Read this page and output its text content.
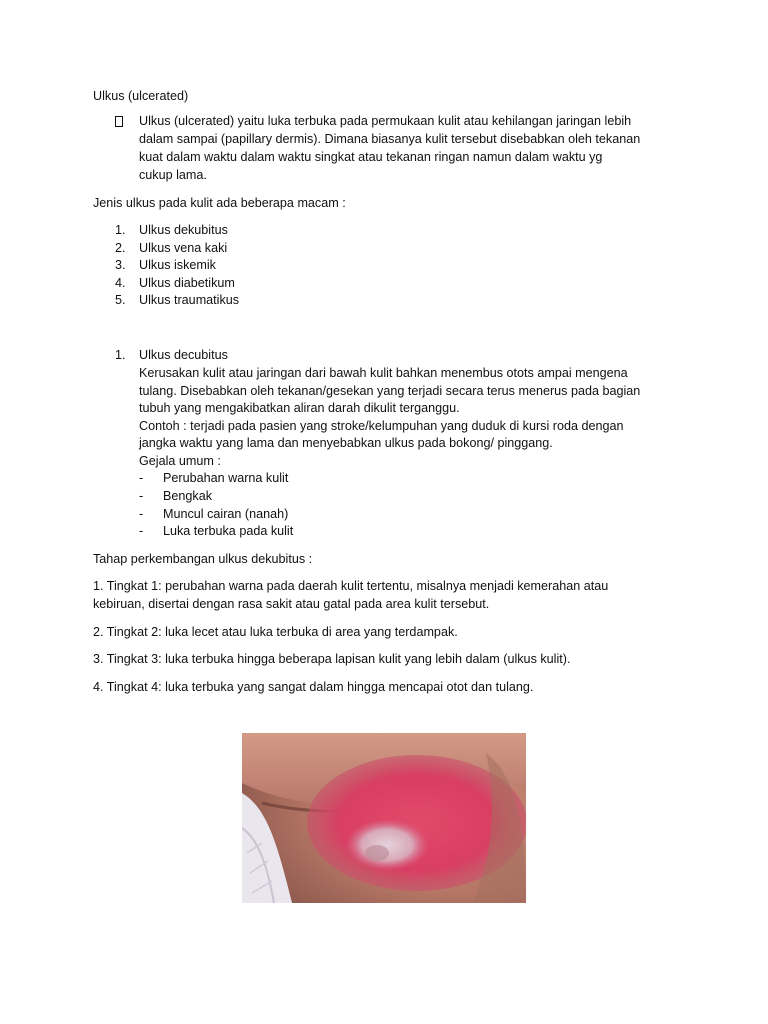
Ulkus (ulcerated)
Ulkus (ulcerated) yaitu luka terbuka pada permukaan kulit atau kehilangan jaringan lebih
dalam sampai (papillary dermis). Dimana biasanya kulit tersebut disebabkan oleh tekanan
kuat dalam waktu dalam waktu singkat atau tekanan ringan namun dalam waktu yg
cukup lama.
Jenis ulkus pada kulit ada beberapa macam :
1. Ulkus dekubitus
2. Ulkus vena kaki
3. Ulkus iskemik
4. Ulkus diabetikum
5. Ulkus traumatikus
1. Ulkus decubitus
Kerusakan kulit atau jaringan dari bawah kulit bahkan menembus otots ampai mengena
tulang. Disebabkan oleh tekanan/gesekan yang terjadi secara terus menerus pada bagian
tubuh yang mengakibatkan aliran darah dikulit terganggu.
Contoh : terjadi pada pasien yang stroke/kelumpuhan yang duduk di kursi roda dengan
jangka waktu yang lama dan menyebabkan ulkus pada bokong/ pinggang.
Gejala umum :
- Perubahan warna kulit
- Bengkak
- Muncul cairan (nanah)
- Luka terbuka pada kulit
Tahap perkembangan ulkus dekubitus :
1. Tingkat 1: perubahan warna pada daerah kulit tertentu, misalnya menjadi kemerahan atau
kebiruan, disertai dengan rasa sakit atau gatal pada area kulit tersebut.
2. Tingkat 2: luka lecet atau luka terbuka di area yang terdampak.
3. Tingkat 3: luka terbuka hingga beberapa lapisan kulit yang lebih dalam (ulkus kulit).
4. Tingkat 4: luka terbuka yang sangat dalam hingga mencapai otot dan tulang.
